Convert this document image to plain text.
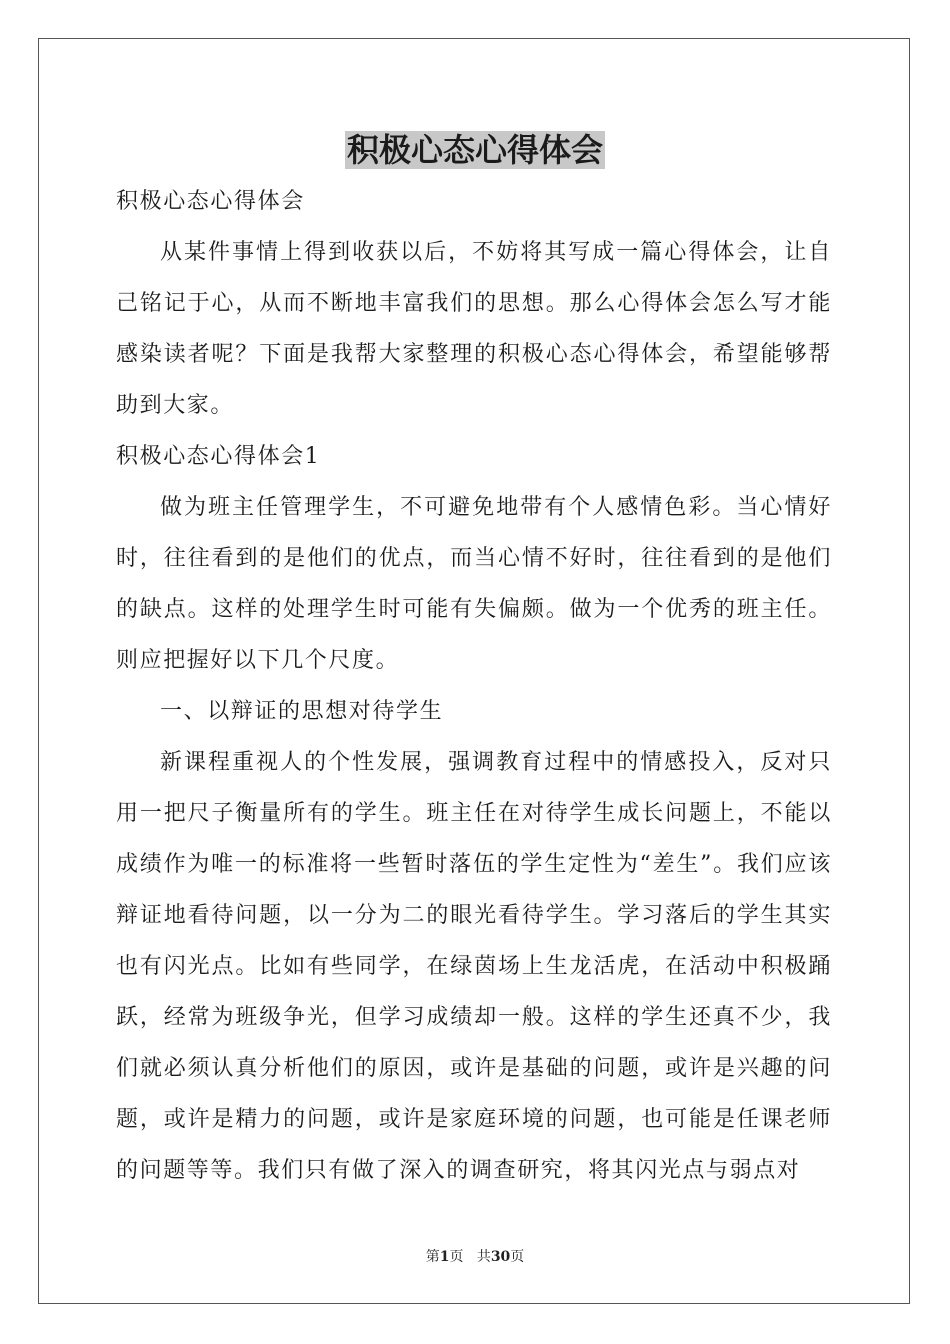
积极心态心得体会

积极心态心得体会

从某件事情上得到收获以后，不妨将其写成一篇心得体会，让自己铭记于心，从而不断地丰富我们的思想。那么心得体会怎么写才能感染读者呢？下面是我帮大家整理的积极心态心得体会，希望能够帮助到大家。

积极心态心得体会1

做为班主任管理学生，不可避免地带有个人感情色彩。当心情好时，往往看到的是他们的优点，而当心情不好时，往往看到的是他们的缺点。这样的处理学生时可能有失偏颇。做为一个优秀的班主任。则应把握好以下几个尺度。

一、以辩证的思想对待学生

新课程重视人的个性发展，强调教育过程中的情感投入，反对只用一把尺子衡量所有的学生。班主任在对待学生成长问题上，不能以成绩作为唯一的标准将一些暂时落伍的学生定性为“差生”。我们应该辩证地看待问题，以一分为二的眼光看待学生。学习落后的学生其实也有闪光点。比如有些同学，在绿茵场上生龙活虎，在活动中积极踊跃，经常为班级争光，但学习成绩却一般。这样的学生还真不少，我们就必须认真分析他们的原因，或许是基础的问题，或许是兴趣的问题，或许是精力的问题，或许是家庭环境的问题，也可能是任课老师的问题等等。我们只有做了深入的调查研究，将其闪光点与弱点对

第1页 共30页
